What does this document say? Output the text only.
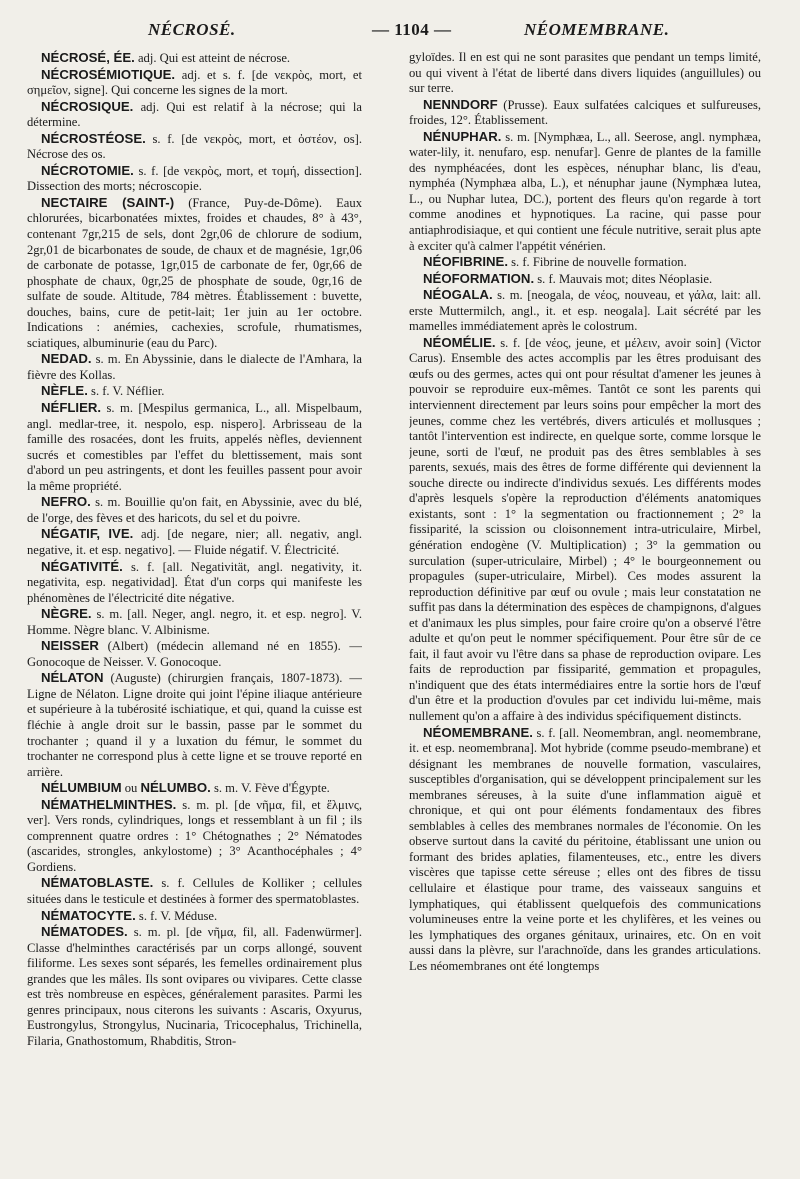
NÉCROSÉ.	— 1104 —	NÉOMEMBRANE.

NÉCROSÉ, ÉE. adj. Qui est atteint de nécrose.

NÉCROSÉMIOTIQUE. adj. et s. f. [de νεκρὸς, mort, et σημεῖον, signe]. Qui concerne les signes de la mort.

NÉCROSIQUE. adj. Qui est relatif à la nécrose; qui la détermine.

NÉCROSTÉOSE. s. f. [de νεκρὸς, mort, et ὀστέον, os]. Nécrose des os.

NÉCROTOMIE. s. f. [de νεκρὸς, mort, et τομή, dissection]. Dissection des morts; nécroscopie.

NECTAIRE (SAINT-) (France, Puy-de-Dôme). Eaux chlorurées, bicarbonatées mixtes, froides et chaudes, 8° à 43°, contenant 7gr,215 de sels, dont 2gr,06 de chlorure de sodium, 2gr,01 de bicarbonates de soude, de chaux et de magnésie, 1gr,06 de carbonate de potasse, 1gr,015 de carbonate de fer, 0gr,66 de phosphate de chaux, 0gr,25 de phosphate de soude, 0gr,16 de sulfate de soude. Altitude, 784 mètres. Établissement : buvette, douches, bains, cure de petit-lait; 1er juin au 1er octobre. Indications : anémies, cachexies, scrofule, rhumatismes, sciatiques, albuminurie (eau du Parc).

NEDAD. s. m. En Abyssinie, dans le dialecte de l'Amhara, la fièvre des Kollas.

NÈFLE. s. f. V. Néflier.

NÉFLIER. s. m. [Mespilus germanica, L., all. Mispelbaum, angl. medlar-tree, it. nespolo, esp. nispero]. Arbrisseau de la famille des rosacées, dont les fruits, appelés nèfles, deviennent sucrés et comestibles par l'effet du blettissement, mais sont d'abord un peu astringents, et dont les feuilles passent pour avoir la même propriété.

NEFRO. s. m. Bouillie qu'on fait, en Abyssinie, avec du blé, de l'orge, des fèves et des haricots, du sel et du poivre.

NÉGATIF, IVE. adj. [de negare, nier; all. negativ, angl. negative, it. et esp. negativo]. — Fluide négatif. V. Électricité.

NÉGATIVITÉ. s. f. [all. Negativität, angl. negativity, it. negativita, esp. negatividad]. État d'un corps qui manifeste les phénomènes de l'électricité dite négative.

NÈGRE. s. m. [all. Neger, angl. negro, it. et esp. negro]. V. Homme. Nègre blanc. V. Albinisme.

NEISSER (Albert) (médecin allemand né en 1855). — Gonocoque de Neisser. V. Gonocoque.

NÉLATON (Auguste) (chirurgien français, 1807-1873). — Ligne de Nélaton. Ligne droite qui joint l'épine iliaque antérieure et supérieure à la tubérosité ischiatique, et qui, quand la cuisse est fléchie à angle droit sur le bassin, passe par le sommet du trochanter ; quand il y a luxation du fémur, le sommet du trochanter ne correspond plus à cette ligne et se trouve reporté en arrière.

NÉLUMBIUM ou NÉLUMBO. s. m. V. Fève d'Égypte.

NÉMATHELMINTHES. s. m. pl. [de νῆμα, fil, et ἕλμινς, ver]. Vers ronds, cylindriques, longs et ressemblant à un fil ; ils comprennent quatre ordres : 1° Chétognathes ; 2° Nématodes (ascarides, strongles, ankylostome) ; 3° Acanthocéphales ; 4° Gordiens.

NÉMATOBLASTE. s. f. Cellules de Kolliker ; cellules situées dans le testicule et destinées à former des spermatoblastes.

NÉMATOCYTE. s. f. V. Méduse.

NÉMATODES. s. m. pl. [de νῆμα, fil, all. Fadenwürmer]. Classe d'helminthes caractérisés par un corps allongé, souvent filiforme. Les sexes sont séparés, les femelles ordinairement plus grandes que les mâles. Ils sont ovipares ou vivipares. Cette classe est très nombreuse en espèces, généralement parasites. Parmi les genres principaux, nous citerons les suivants : Ascaris, Oxyurus, Eustrongylus, Strongylus, Nucinaria, Tricocephalus, Trichinella, Filaria, Gnathostomum, Rhabditis, Stron-

gyloïdes. Il en est qui ne sont parasites que pendant un temps limité, ou qui vivent à l'état de liberté dans divers liquides (anguillules) ou sur terre.

NENNDORF (Prusse). Eaux sulfatées calciques et sulfureuses, froides, 12°. Établissement.

NÉNUPHAR. s. m. [Nymphæa, L., all. Seerose, angl. nymphæa, water-lily, it. nenufaro, esp. nenufar]. Genre de plantes de la famille des nymphéacées, dont les espèces, nénuphar blanc, lis d'eau, nymphéa (Nymphæa alba, L.), et nénuphar jaune (Nymphæa lutea, L., ou Nuphar lutea, DC.), portent des fleurs qu'on regarde à tort comme anodines et hypnotiques. La racine, qui passe pour antiaphrodisiaque, et qui contient une fécule nutritive, serait plus apte à exciter qu'à calmer l'appétit vénérien.

NÉOFIBRINE. s. f. Fibrine de nouvelle formation.

NÉOFORMATION. s. f. Mauvais mot; dites Néoplasie.

NÉOGALA. s. m. [neogala, de νέος, nouveau, et γάλα, lait: all. erste Muttermilch, angl., it. et esp. neogala]. Lait sécrété par les mamelles immédiatement après le colostrum.

NÉOMÉLIE. s. f. [de νέος, jeune, et μέλειν, avoir soin] (Victor Carus). Ensemble des actes accomplis par les êtres produisant des œufs ou des germes, actes qui ont pour résultat d'amener les jeunes à pouvoir se reproduire eux-mêmes. Tantôt ce sont les parents qui interviennent directement par leurs soins pour empêcher la mort des jeunes, comme chez les vertébrés, divers articulés et mollusques ; tantôt l'intervention est indirecte, en quelque sorte, comme lorsque le jeune, sorti de l'œuf, ne produit pas des êtres semblables à ses parents, sexués, mais des êtres de forme différente qui deviennent la souche directe ou indirecte d'individus sexués. Les différents modes d'après lesquels s'opère la reproduction d'éléments anatomiques existants, sont : 1° la segmentation ou fractionnement ; 2° la fissiparité, la scission ou cloisonnement intra-utriculaire, Mirbel, génération endogène (V. Multiplication) ; 3° la gemmation ou surculation (super-utriculaire, Mirbel) ; 4° le bourgeonnement ou propagules (super-utriculaire, Mirbel). Ces modes assurent la reproduction définitive par œuf ou ovule ; mais leur constatation ne suffit pas dans la détermination des espèces de champignons, d'algues et d'animaux les plus simples, pour faire croire qu'on a observé l'être adulte et qu'on peut le nommer spécifiquement. Pour être sûr de ce fait, il faut avoir vu l'être dans sa phase de reproduction ovipare. Les faits de reproduction par fissiparité, gemmation et propagules, n'indiquent que des états intermédiaires entre la sortie hors de l'œuf d'un être et la production d'ovules par cet individu lui-même, mais nullement qu'on a affaire à des individus spécifiquement distincts.

NÉOMEMBRANE. s. f. [all. Neomembran, angl. neomembrane, it. et esp. neomembrana]. Mot hybride (comme pseudo-membrane) et désignant les membranes de nouvelle formation, vasculaires, susceptibles d'organisation, qui se développent principalement sur les membranes séreuses, à la suite d'une inflammation aiguë et chronique, et qui ont pour éléments fondamentaux des fibres semblables à celles des membranes normales de l'économie. On les observe surtout dans la cavité du péritoine, établissant une union ou formant des brides aplaties, filamenteuses, etc., entre les divers viscères que tapisse cette séreuse ; elles ont des fibres de tissu cellulaire et élastique pour trame, des vaisseaux sanguins et lymphatiques, qui établissent quelquefois des communications volumineuses entre la veine porte et les chylifères, et les veines ou les lymphatiques des organes génitaux, urinaires, etc. On en voit aussi dans la plèvre, sur l'arachnoïde, dans les grandes articulations. Les néomembranes ont été longtemps
